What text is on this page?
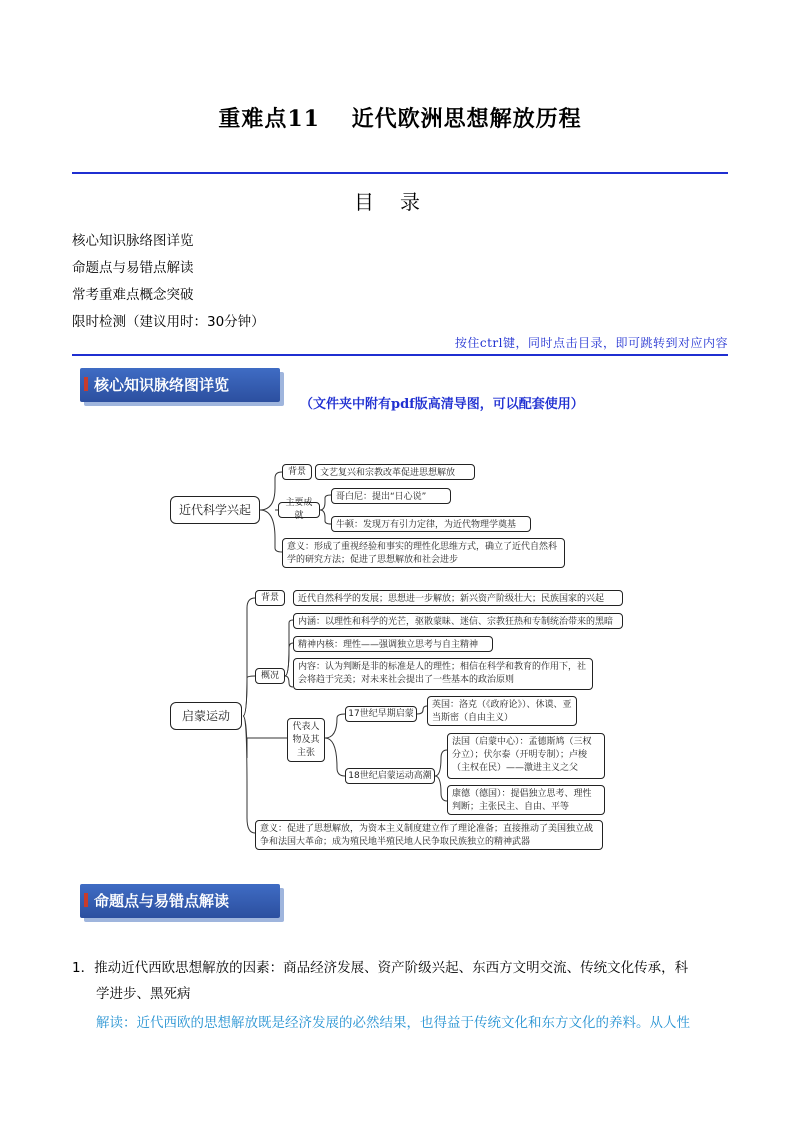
重难点11　 近代欧洲思想解放历程
目录
核心知识脉络图详览
命题点与易错点解读
常考重难点概念突破
限时检测（建议用时：30分钟）
按住ctrl键，同时点击目录，即可跳转到对应内容
核心知识脉络图详览
（文件夹中附有pdf版高清导图，可以配套使用）
近代科学兴起
背景	文艺复兴和宗教改革促进思想解放
主要成就
哥白尼：提出“日心说”
牛顿：发现万有引力定律，为近代物理学奠基
意义：形成了重视经验和事实的理性化思维方式，确立了近代自然科学的研究方法；促进了思想解放和社会进步
启蒙运动
背景	近代自然科学的发展；思想进一步解放；新兴资产阶级壮大；民族国家的兴起
概况
内涵：以理性和科学的光芒，驱散蒙昧、迷信、宗教狂热和专制统治带来的黑暗
精神内核：理性——强调独立思考与自主精神
内容：认为判断是非的标准是人的理性；相信在科学和教育的作用下，社会将趋于完美；对未来社会提出了一些基本的政治原则
代表人物及其主张
17世纪早期启蒙
英国：洛克（《政府论》）、休谟、亚当斯密（自由主义）
18世纪启蒙运动高潮
法国（启蒙中心）：孟德斯鸠（三权分立）；伏尔泰（开明专制）；卢梭（主权在民）——激进主义之父
康德（德国）：提倡独立思考、理性判断；主张民主、自由、平等
意义：促进了思想解放，为资本主义制度建立作了理论准备；直接推动了美国独立战争和法国大革命；成为殖民地半殖民地人民争取民族独立的精神武器
命题点与易错点解读
1．推动近代西欧思想解放的因素：商品经济发展、资产阶级兴起、东西方文明交流、传统文化传承，科
学进步、黑死病
解读：近代西欧的思想解放既是经济发展的必然结果，也得益于传统文化和东方文化的养料。从人性
